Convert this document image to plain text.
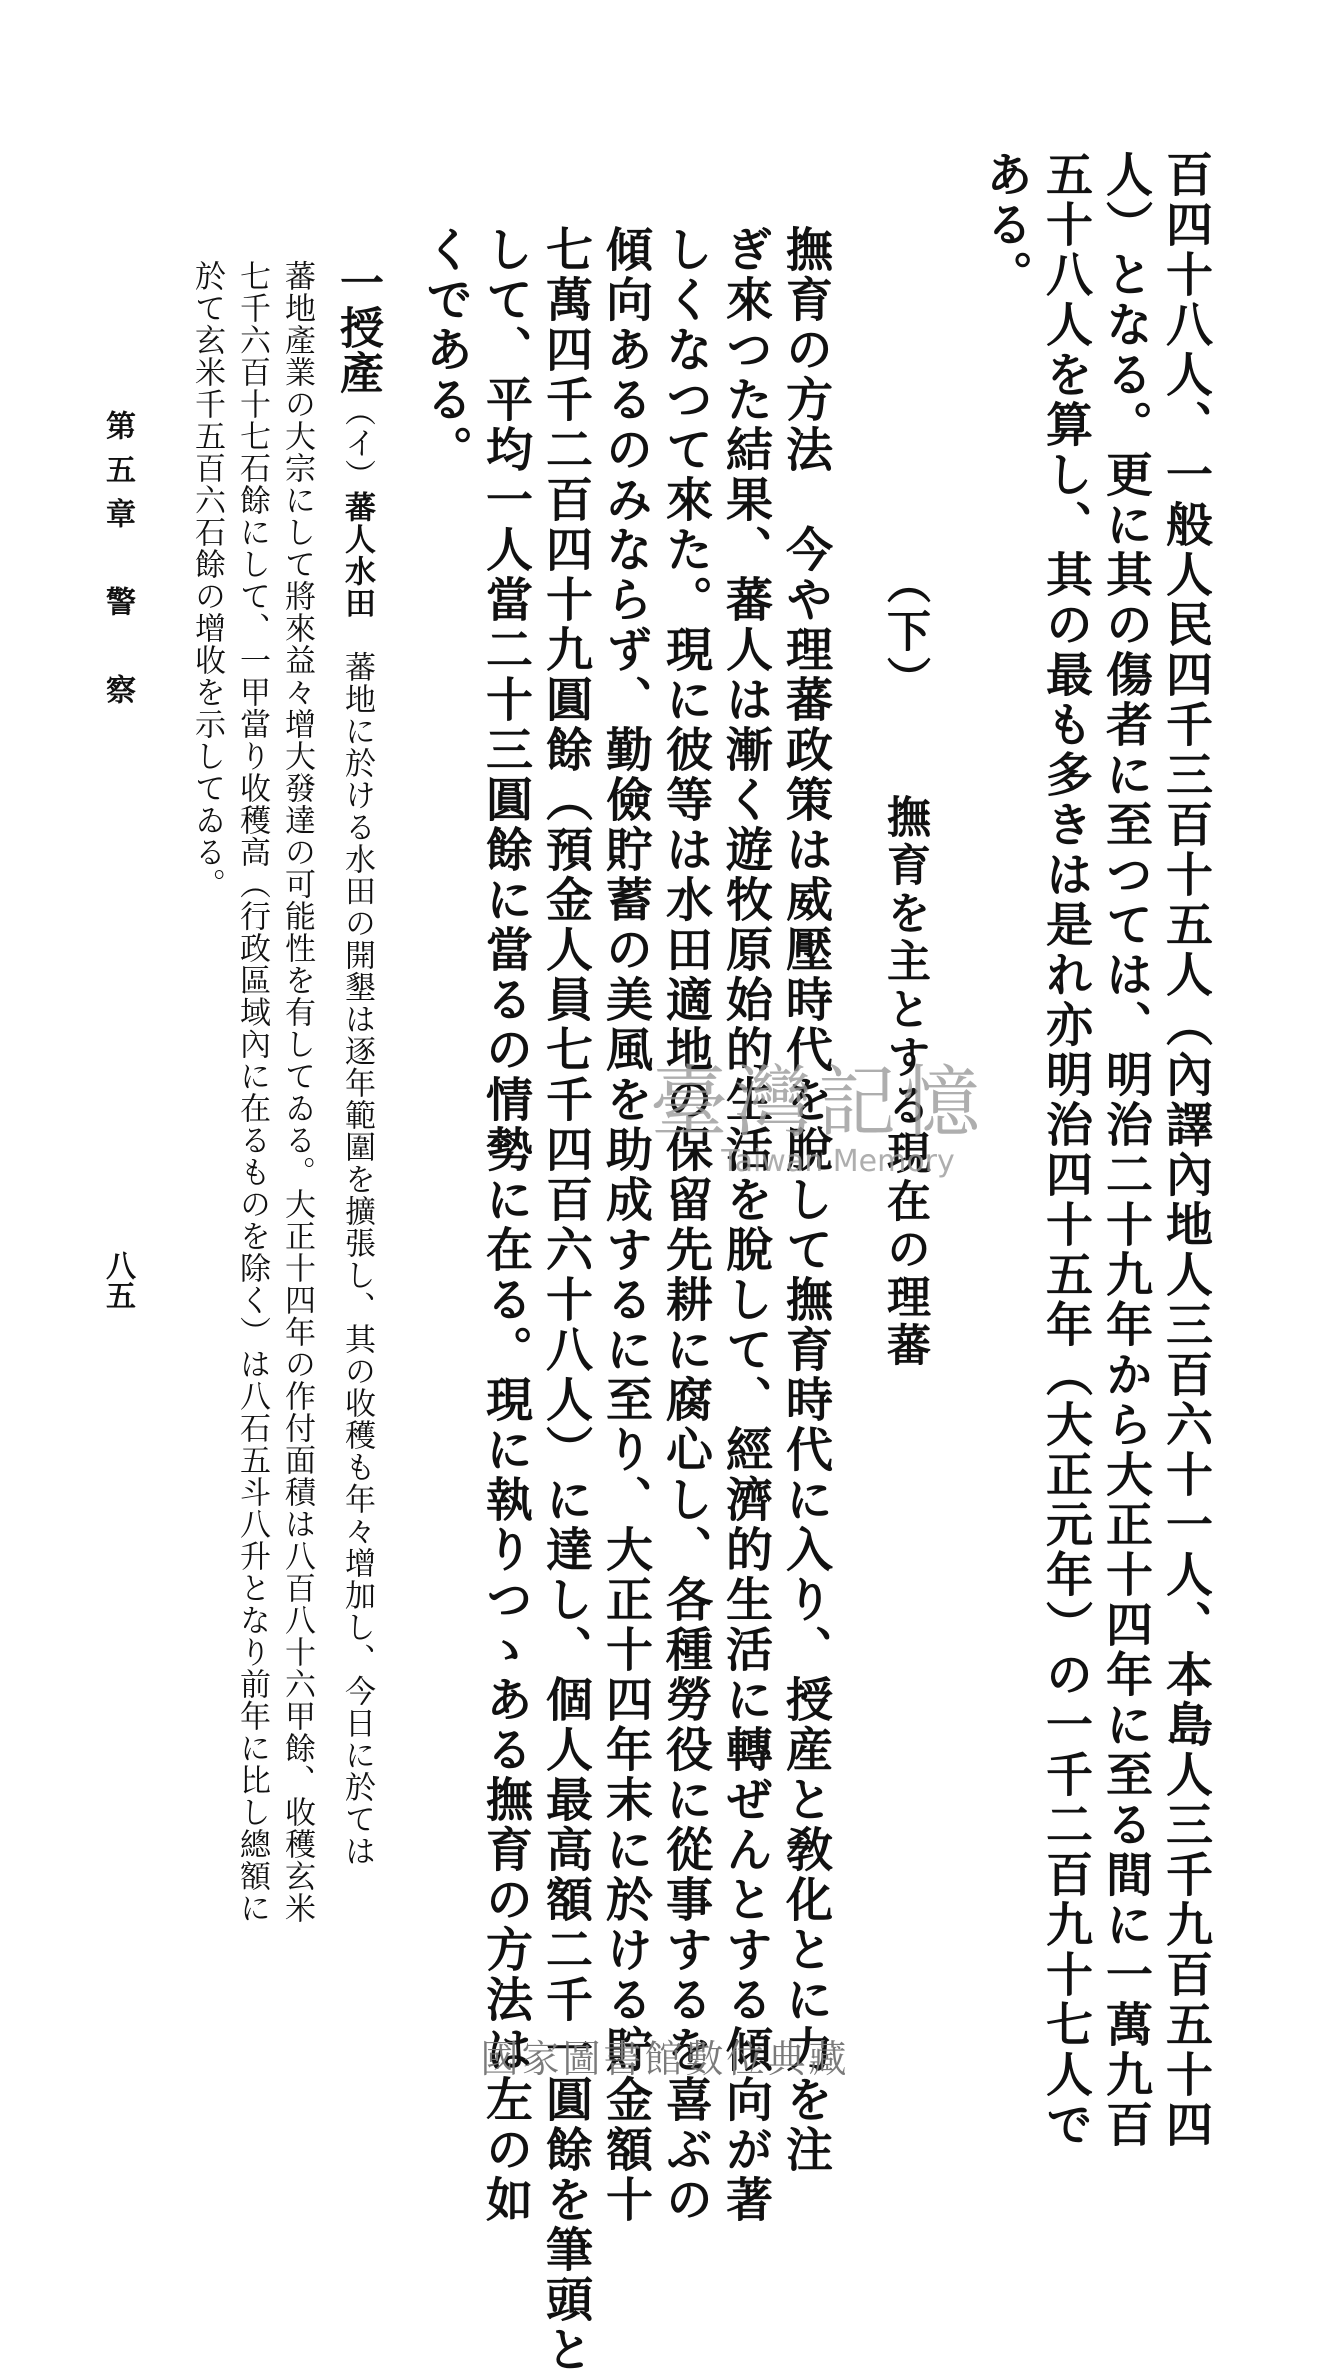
百四十八人、一般人民四千三百十五人（內譯內地人三百六十一人、本島人三千九百五十四
人）となる。更に其の傷者に至つては、明治二十九年から大正十四年に至る間に一萬九百
五十八人を算し、其の最も多きは是れ亦明治四十五年（大正元年）の一千二百九十七人で
ある。
（下）撫育を主とする現在の理蕃
撫育の方法　今や理蕃政策は威壓時代を脫して撫育時代に入り、授産と敎化とに力を注
ぎ來つた結果、蕃人は漸く遊牧原始的生活を脫して、經濟的生活に轉ぜんとする傾向が著
しくなつて來た。現に彼等は水田適地の保留先耕に腐心し、各種勞役に從事するを喜ぶの
傾向あるのみならず、勤儉貯蓄の美風を助成するに至り、大正十四年末に於ける貯金額十
七萬四千二百四十九圓餘（預金人員七千四百六十八人）に達し、個人最高額二千一圓餘を筆頭と
して、平均一人當二十三圓餘に當るの情勢に在る。現に執りつゝある撫育の方法は左の如
くである。
一授產（イ）蕃人水田　蕃地に於ける水田の開墾は逐年範圍を擴張し、其の收穫も年々增加し、今日に於ては
蕃地產業の大宗にして將來益々增大發達の可能性を有してゐる。大正十四年の作付面積は八百八十六甲餘、收穫玄米
七千六百十七石餘にして、一甲當り收穫高（行政區域內に在るものを除く）は八石五斗八升となり前年に比し總額に
於て玄米千五百六石餘の增收を示してゐる。
第五章　警　察
八五
臺灣記憶
Taiwan Memory
國家圖書館數位典藏
